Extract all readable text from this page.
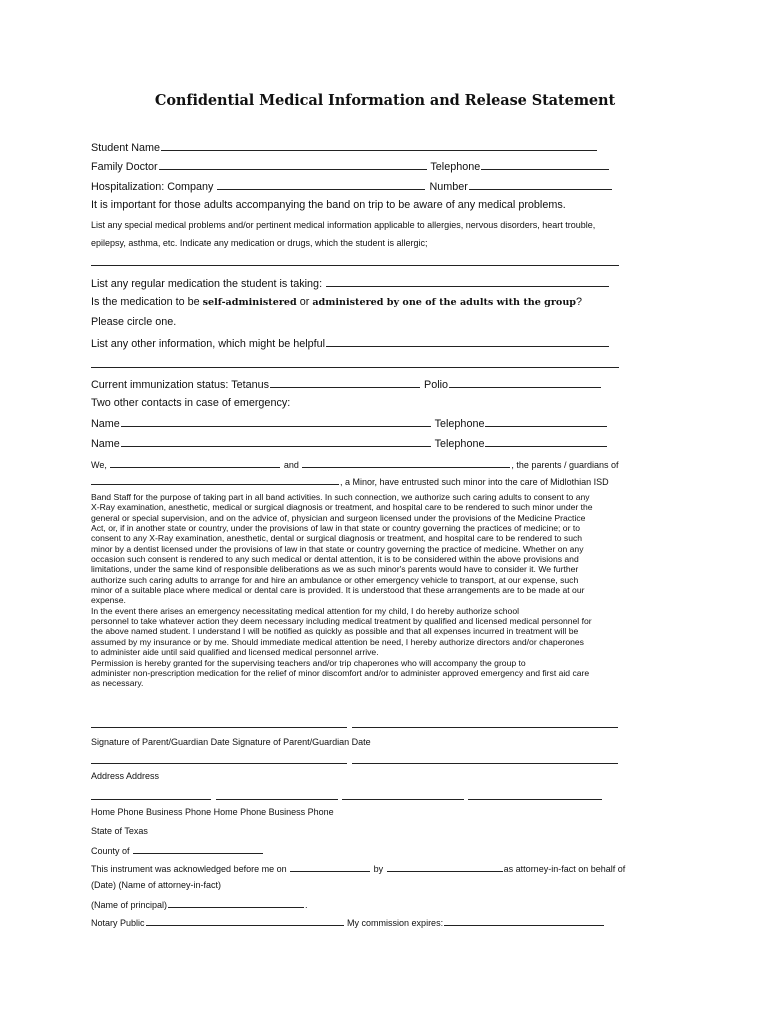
Confidential Medical Information and Release Statement
Student Name
Family Doctor	Telephone
Hospitalization: Company	Number
It is important for those adults accompanying the band on trip to be aware of any medical problems.
List any special medical problems and/or pertinent medical information applicable to allergies, nervous disorders, heart trouble,
epilepsy, asthma, etc. Indicate any medication or drugs, which the student is allergic;
List any regular medication the student is taking:
Is the medication to be self-administered or administered by one of the adults with the group?
Please circle one.
List any other information, which might be helpful
Current immunization status: Tetanus	Polio
Two other contacts in case of emergency:
Name	Telephone
Name	Telephone
We,	and	, the parents / guardians of
, a Minor, have entrusted such minor into the care of Midlothian ISD
Band Staff for the purpose of taking part in all band activities. In such connection, we authorize such caring adults to consent to any
X-Ray examination, anesthetic, medical or surgical diagnosis or treatment, and hospital care to be rendered to such minor under the
general or special supervision, and on the advice of, physician and surgeon licensed under the provisions of the Medicine Practice
Act, or, if in another state or country, under the provisions of law in that state or country governing the practices of medicine; or to
consent to any X-Ray examination, anesthetic, dental or surgical diagnosis or treatment, and hospital care to be rendered to such
minor by a dentist licensed under the provisions of law in that state or country governing the practice of medicine. Whether on any
occasion such consent is rendered to any such medical or dental attention, it is to be considered within the above provisions and
limitations, under the same kind of responsible deliberations as we as such minor's parents would have to consider it. We further
authorize such caring adults to arrange for and hire an ambulance or other emergency vehicle to transport, at our expense, such
minor of a suitable place where medical or dental care is provided. It is understood that these arrangements are to be made at our
expense.
In the event there arises an emergency necessitating medical attention for my child, I do hereby authorize school
personnel to take whatever action they deem necessary including medical treatment by qualified and licensed medical personnel for
the above named student. I understand I will be notified as quickly as possible and that all expenses incurred in treatment will be
assumed by my insurance or by me. Should immediate medical attention be need, I hereby authorize directors and/or chaperones
to administer aide until said qualified and licensed medical personnel arrive.
Permission is hereby granted for the supervising teachers and/or trip chaperones who will accompany the group to
administer non-prescription medication for the relief of minor discomfort and/or to administer approved emergency and first aid care
as necessary.
Signature of Parent/Guardian Date Signature of Parent/Guardian Date
Address Address
Home Phone Business Phone Home Phone Business Phone
State of Texas
County of
This instrument was acknowledged before me on	by	as attorney-in-fact on behalf of
(Date) (Name of attorney-in-fact)
(Name of principal)	.
Notary Public	My commission expires:
